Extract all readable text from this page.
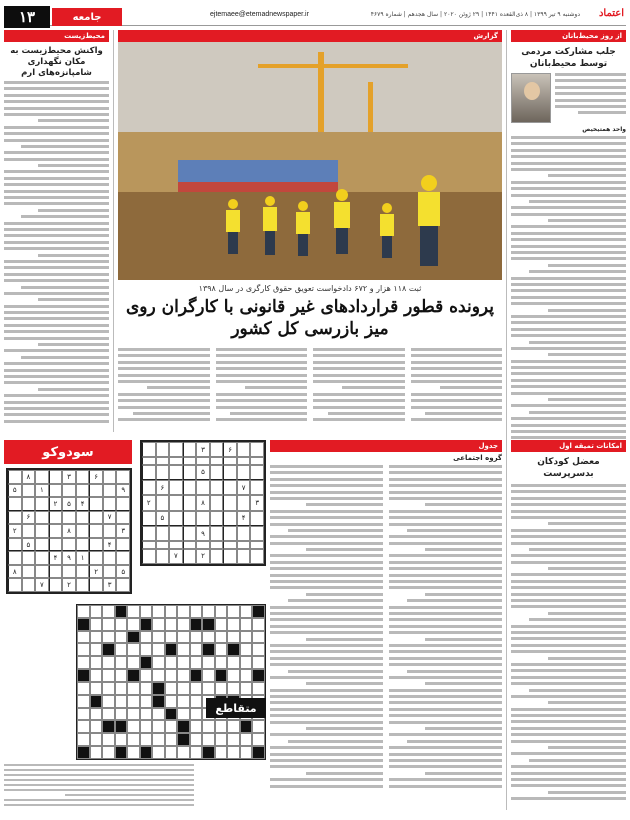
۱۳	جامعه	ejtemaee@etemadnewspaper.ir	دوشنبه ۹ تیر ۱۳۹۹ | ۸ ذی‌القعده ۱۴۴۱ | ۲۹ ژوئن ۲۰۲۰ | سال هجدهم | شماره ۴۶۷۹ اعتماد
از روز محیط‌بانان
جلب مشارکت مردمی توسط محیط‌بانان
واحد همتیخیص
محیط‌زیست
واکنش محیط‌زیست به مکان نگهداری شامپانزه‌های ارم
گزارش
ثبت ۱۱۸ هزار و ۶۷۲ دادخواست تعویق حقوق کارگری در سال ۱۳۹۸
پرونده قطور قراردادهای غیر قانونی با کارگران روی میز بازرسی کل کشور
امکانات تمیقه اول
معضل کودکان بدسرپرست
جدول
گروه اجتماعی
۶
۳
۵
۷
۶
۳
۸
۲
۴
۵
۹
۲
۷
سودوکو
۶
۳
۸
۹
۱
۵
۴
۵
۲
۷
۶
۳
۸
۲
۴
۵
۱
۹
۴
۵
۲
۸
۳
۲
۷
متقاطع
